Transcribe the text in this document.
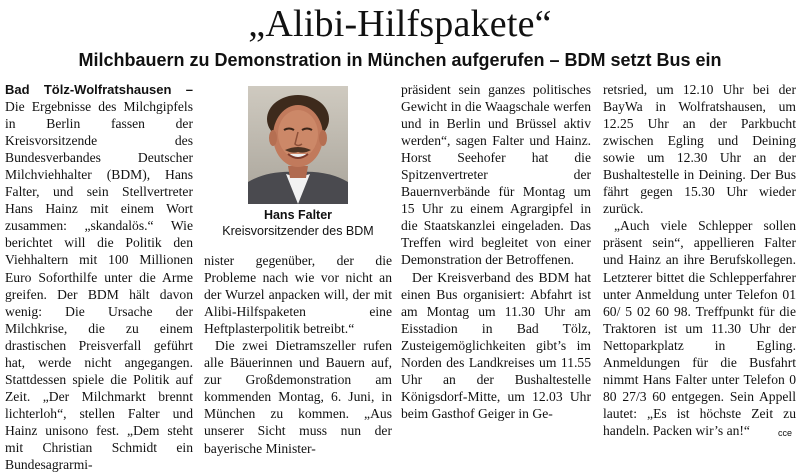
„Alibi-Hilfspakete“
Milchbauern zu Demonstration in München aufgerufen – BDM setzt Bus ein

Bad Tölz-Wolfratshausen – Die Ergebnisse des Milchgipfels in Berlin fassen der Kreisvorsitzende des Bundesverbandes Deutscher Milchviehhalter (BDM), Hans Falter, und sein Stellvertreter Hans Hainz mit einem Wort zusammen: „skandalös.“ Wie berichtet will die Politik den Viehhaltern mit 100 Millionen Euro Soforthilfe unter die Arme greifen. Der BDM hält davon wenig: Die Ursache der Milchkrise, die zu einem drastischen Preisverfall geführt hat, werde nicht angegangen. Stattdessen spiele die Politik auf Zeit. „Der Milchmarkt brennt lichterloh“, stellen Falter und Hainz unisono fest. „Dem steht mit Christian Schmidt ein Bundesagrarmi-

Hans Falter
Kreisvorsitzender des BDM

nister gegenüber, der die Probleme nach wie vor nicht an der Wurzel anpacken will, der mit Alibi-Hilfspaketen eine Heftplasterpolitik betreibt.“

Die zwei Dietramszeller rufen alle Bäuerinnen und Bauern auf, zur Großdemonstration am kommenden Montag, 6. Juni, in München zu kommen. „Aus unserer Sicht muss nun der bayerische Minister-

präsident sein ganzes politisches Gewicht in die Waagschale werfen und in Berlin und Brüssel aktiv werden“, sagen Falter und Hainz. Horst Seehofer hat die Spitzenvertreter der Bauernverbände für Montag um 15 Uhr zu einem Agrargipfel in die Staatskanzlei eingeladen. Das Treffen wird begleitet von einer Demonstration der Betroffenen.

Der Kreisverband des BDM hat einen Bus organisiert: Abfahrt ist am Montag um 11.30 Uhr am Eisstadion in Bad Tölz, Zusteigemöglichkeiten gibt’s im Norden des Landkreises um 11.55 Uhr an der Bushaltestelle Königsdorf-Mitte, um 12.03 Uhr beim Gasthof Geiger in Ge-

retsried, um 12.10 Uhr bei der BayWa in Wolfratshausen, um 12.25 Uhr an der Parkbucht zwischen Egling und Deining sowie um 12.30 Uhr an der Bushaltestelle in Deining. Der Bus fährt gegen 15.30 Uhr wieder zurück.

„Auch viele Schlepper sollen präsent sein“, appellieren Falter und Hainz an ihre Berufskollegen. Letzterer bittet die Schlepperfahrer unter Anmeldung unter Telefon 01 60/ 5 02 60 98. Treffpunkt für die Traktoren ist um 11.30 Uhr der Nettoparkplatz in Egling. Anmeldungen für die Busfahrt nimmt Hans Falter unter Telefon 0 80 27/3 60 entgegen. Sein Appell lautet: „Es ist höchste Zeit zu handeln. Packen wir’s an!“	cce
